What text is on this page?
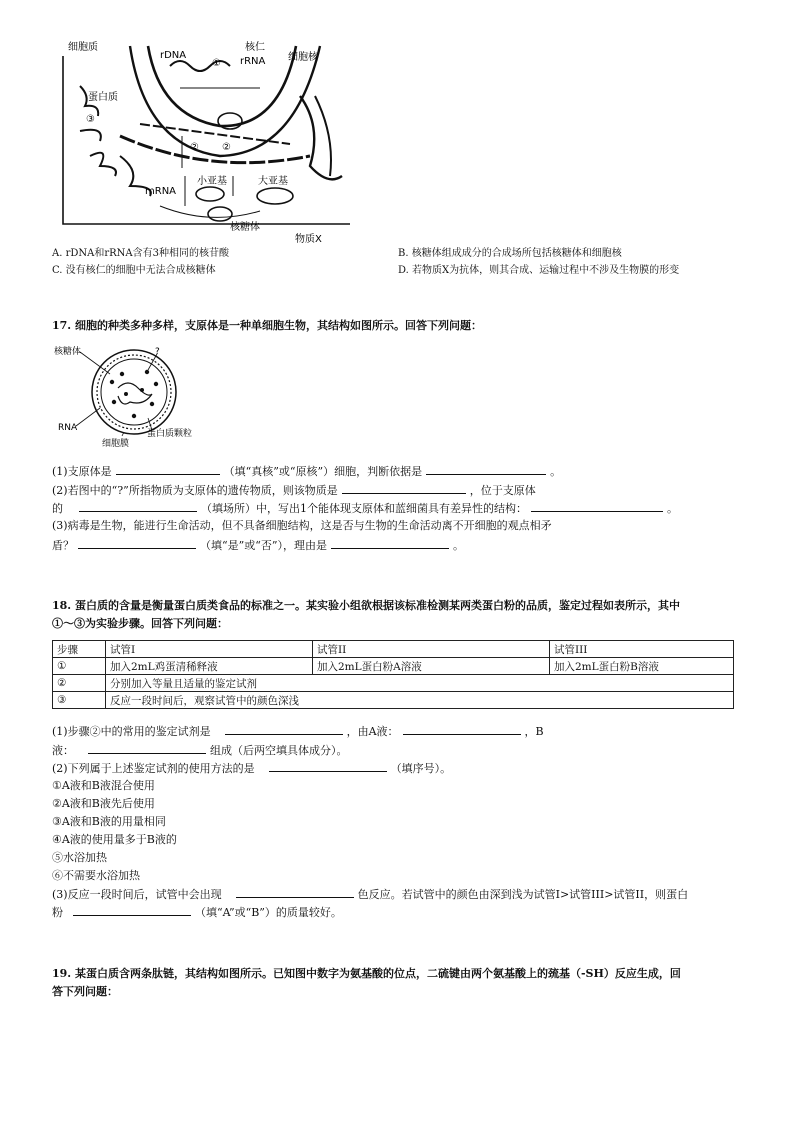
细胞质
rDNA
核仁
rRNA 细胞核
①
蛋白质
③
② ②
小亚基	大亚基
mRNA
核糖体
物质X
A. rDNA和rRNA含有3种相同的核苷酸	B. 核糖体组成成分的合成场所包括核糖体和细胞核
C. 没有核仁的细胞中无法合成核糖体	D. 若物质X为抗体，则其合成、运输过程中不涉及生物膜的形变
17. 细胞的种类多种多样，支原体是一种单细胞生物，其结构如图所示。回答下列问题：
核糖体	?
RNA
蛋白质颗粒
细胞膜
(1)支原体是	（填“真核”或“原核”）细胞，判断依据是	。
(2)若图中的“?”所指物质为支原体的遗传物质，则该物质是	，位于支原体
的	（填场所）中，写出1个能体现支原体和蓝细菌具有差异性的结构：	。
(3)病毒是生物，能进行生命活动，但不具备细胞结构，这是否与生物的生命活动离不开细胞的观点相矛
盾？	（填“是”或“否”），理由是	。
18. 蛋白质的含量是衡量蛋白质类食品的标准之一。某实验小组欲根据该标准检测某两类蛋白粉的品质，鉴定过程如表所示，其中
①～③为实验步骤。回答下列问题：
步骤	试管I	试管II	试管III
①	加入2mL鸡蛋清稀释液	加入2mL蛋白粉A溶液	加入2mL蛋白粉B溶液
②	分别加入等量且适量的鉴定试剂		
③	反应一段时间后，观察试管中的颜色深浅		
(1)步骤②中的常用的鉴定试剂是	，由A液：	，B
液：	组成（后两空填具体成分）。
(2)下列属于上述鉴定试剂的使用方法的是	（填序号）。
①A液和B液混合使用
②A液和B液先后使用
③A液和B液的用量相同
④A液的使用量多于B液的
⑤水浴加热
⑥不需要水浴加热
(3)反应一段时间后，试管中会出现	色反应。若试管中的颜色由深到浅为试管I>试管III>试管II，则蛋白
粉	（填“A”或“B”）的质量较好。
19. 某蛋白质含两条肽链，其结构如图所示。已知图中数字为氨基酸的位点，二硫键由两个氨基酸上的巯基（-SH）反应生成，回
答下列问题：
